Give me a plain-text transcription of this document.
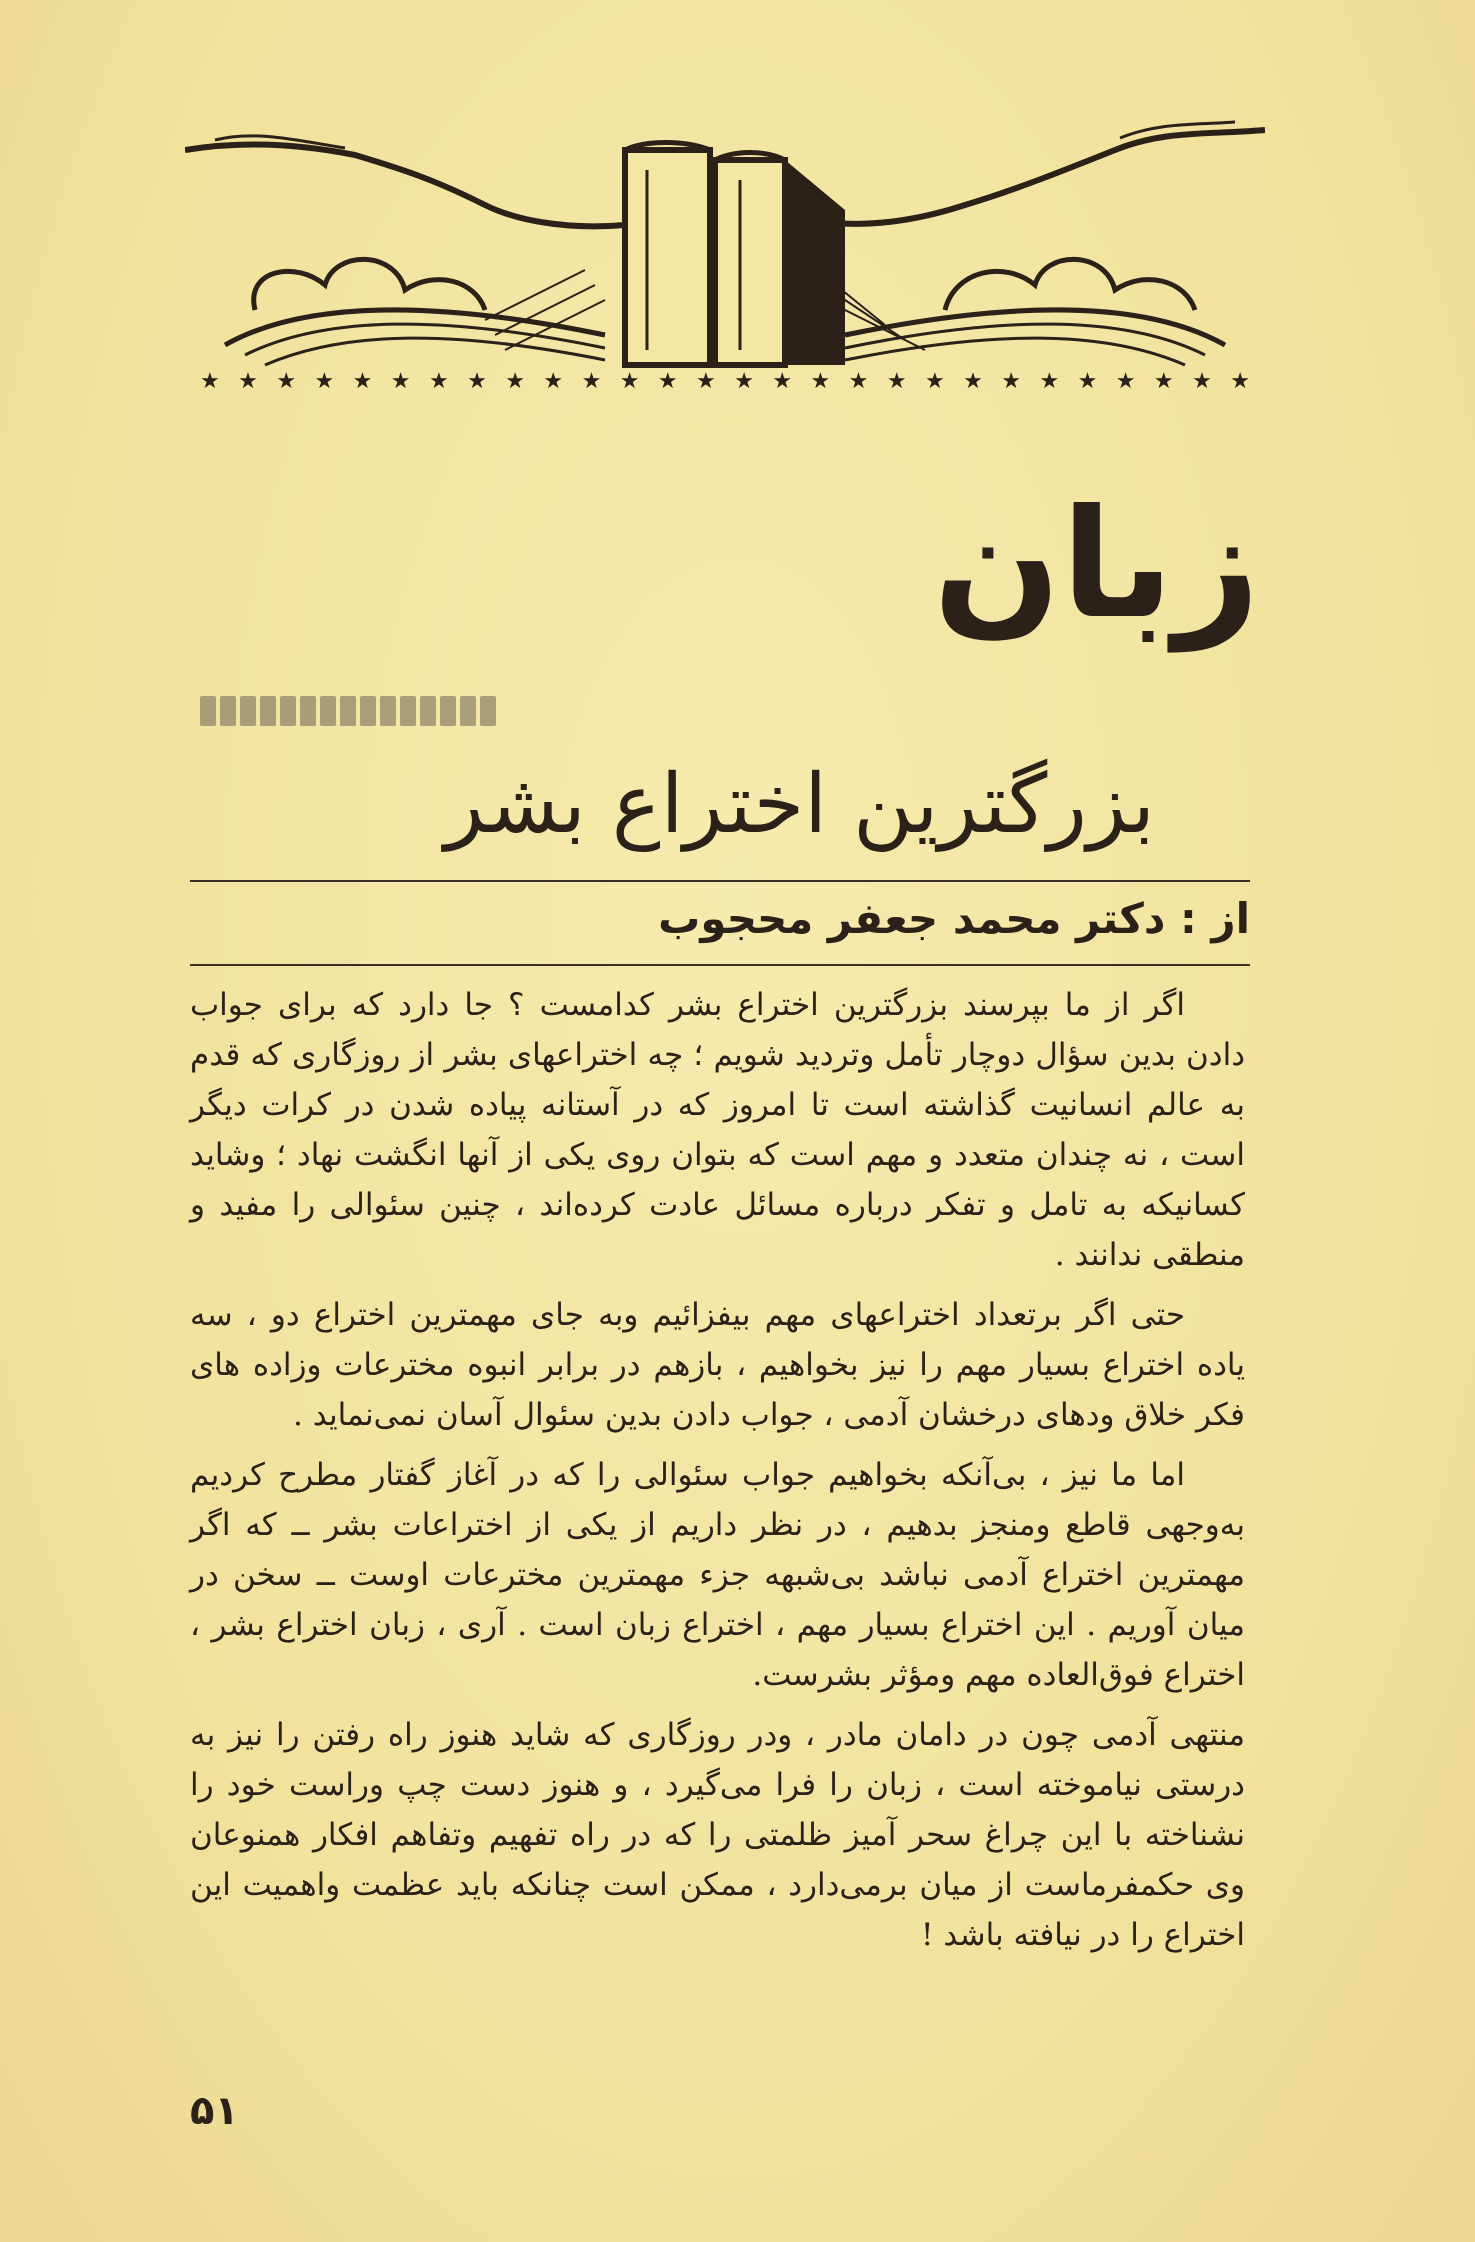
★ ★ ★ ★ ★ ★ ★ ★ ★ ★ ★ ★ ★ ★ ★ ★ ★ ★ ★ ★ ★ ★ ★ ★ ★ ★ ★ ★
زبان
بزرگترین اختراع بشر
از : دکتر محمد جعفر محجوب

اگر از ما بپرسند بزرگترین اختراع بشر کدامست ؟ جا دارد که برای جواب دادن بدین سؤال دوچار تأمل وتردید شویم ؛ چه اختراعهای بشر از روزگاری که قدم به عالم انسانیت گذاشته است تا امروز که در آستانه پیاده شدن در کرات دیگر است ، نه چندان متعدد و مهم است که بتوان روی یکی از آنها انگشت نهاد ؛ وشاید کسانیکه به تامل و تفکر درباره مسائل عادت کرده‌اند ، چنین سئوالی را مفید و منطقی ندانند .

حتی اگر برتعداد اختراعهای مهم بیفزائیم وبه جای مهمترین اختراع دو ، سه یاده اختراع بسیار مهم را نیز بخواهیم ، بازهم در برابر انبوه مخترعات وزاده های فکر خلاق ودهای درخشان آدمی ، جواب دادن بدین سئوال آسان نمی‌نماید .

اما ما نیز ، بی‌آنکه بخواهیم جواب سئوالی را که در آغاز گفتار مطرح کردیم به‌وجهی قاطع ومنجز بدهیم ، در نظر داریم از یکی از اختراعات بشر ــ که اگر مهمترین اختراع آدمی نباشد بی‌شبهه جزء مهمترین مخترعات اوست ــ سخن در میان آوریم . این اختراع بسیار مهم ، اختراع زبان است . آری ، زبان اختراع بشر ، اختراع فوق‌العاده مهم ومؤثر بشرست.

منتهی آدمی چون در دامان مادر ، ودر روزگاری که شاید هنوز راه رفتن را نیز به درستی نیاموخته است ، زبان را فرا می‌گیرد ، و هنوز دست چپ وراست خود را نشناخته با این چراغ سحر آمیز ظلمتی را که در راه تفهیم وتفاهم افکار همنوعان وی حکمفرماست از میان برمی‌دارد ، ممکن است چنانکه باید عظمت واهمیت این اختراع را در نیافته باشد !

۵۱
